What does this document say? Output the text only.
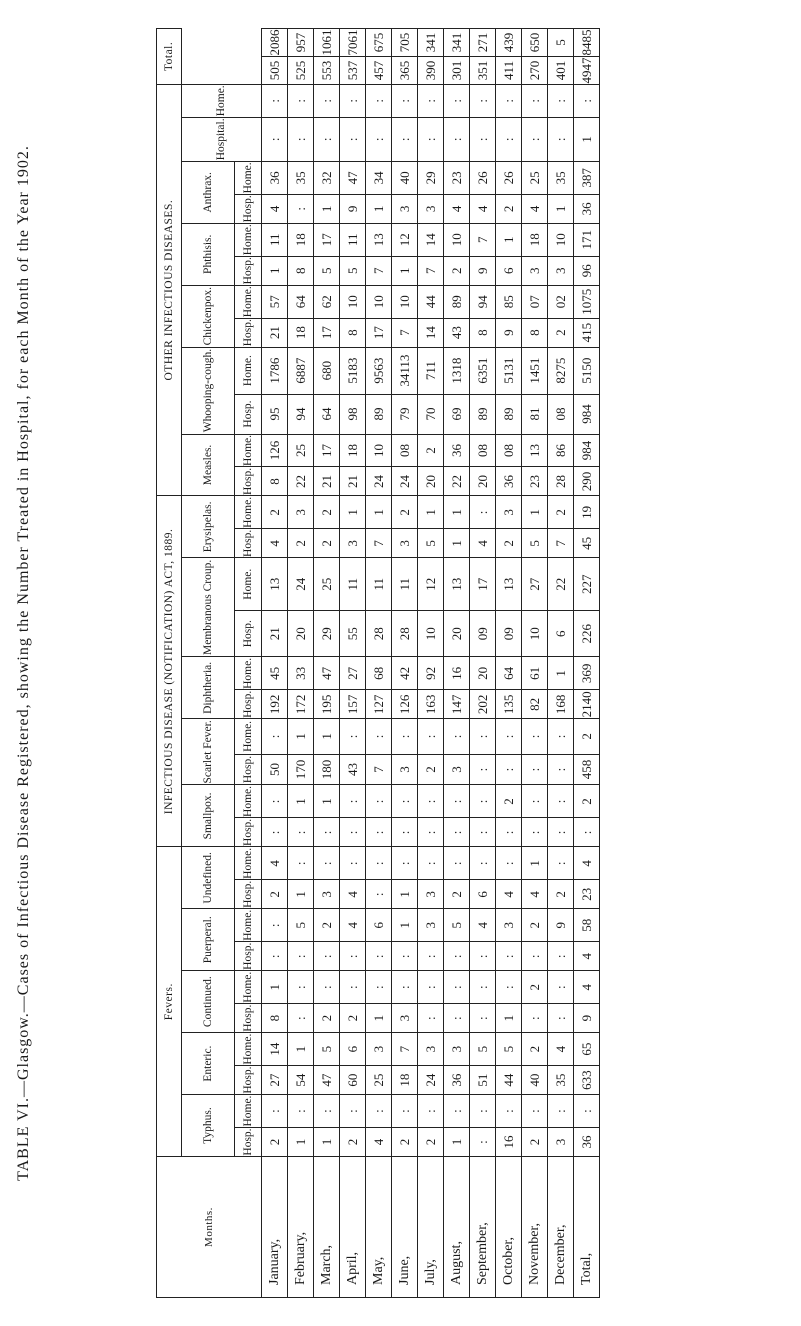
TABLE VI.—Glasgow.—Cases of Infectious Disease Registered, showing the Number Treated in Hospital, for each Month of the Year 1902.
Months.	Fevers.										INFECTIOUS DISEASE (NOTIFICATION) ACT, 1889.										OTHER INFECTIOUS DISEASES.												Total.	
	Typhus.		Enteric.		Continued.		Puerperal.		Undefined.		Smallpox.		Scarlet Fever.		Diphtheria.		Membranous Croup.		Erysipelas.		Measles.		Whooping-cough.		Chickenpox.		Phthisis.		Anthrax.		Hospital.	Home.		
	Hosp.	Home.	Hosp.	Home.	Hosp.	Home.	Hosp.	Home.	Hosp.	Home.	Hosp.	Home.	Hosp.	Home.	Hosp.	Home.	Hosp.	Home.	Hosp.	Home.	Hosp.	Home.	Hosp.	Home.	Hosp.	Home.	Hosp.	Home.	Hosp.	Home.				
January,	2	:	27	14	8	1	:	:	2	4	:	:	50	:	192	45	21	13	4	2	8	126	95	1786	21	57	1	11	4	36	:	:	505	2086
February,	1	:	54	1	:	:	:	5	1	:	:	1	170	1	172	33	20	24	2	3	22	25	94	6887	18	64	8	18	:	35	:	:	525	957
March,	1	:	47	5	2	:	:	2	3	:	:	1	180	1	195	47	29	25	2	2	21	17	64	680	17	62	5	17	1	32	:	:	553	1061
April,	2	:	60	6	2	:	:	4	4	:	:	:	43	:	157	27	55	11	3	1	21	18	98	5183	8	10	5	11	9	47	:	:	537	7061
May,	4	:	25	3	1	:	:	6	:	:	:	:	7	:	127	68	28	11	7	1	24	10	89	9563	17	10	7	13	1	34	:	:	457	675
June,	2	:	18	7	3	:	:	1	1	:	:	:	3	:	126	42	28	11	3	2	24	08	79	34113	7	10	1	12	3	40	:	:	365	705
July,	2	:	24	3	:	:	:	3	3	:	:	:	2	:	163	92	10	12	5	1	20	2	70	711	14	44	7	14	3	29	:	:	390	341
August,	1	:	36	3	:	:	:	5	2	:	:	:	3	:	147	16	20	13	1	1	22	36	69	1318	43	89	2	10	4	23	:	:	301	341
September,	:	:	51	5	:	:	:	4	6	:	:	:	:	:	202	20	09	17	4	:	20	08	89	6351	8	94	9	7	4	26	:	:	351	271
October,	16	:	44	5	1	:	:	3	4	:	:	2	:	:	135	64	09	13	2	3	36	08	89	5131	9	85	6	1	2	26	:	:	411	439
November,	2	:	40	2	:	2	:	2	4	1	:	:	:	:	82	61	10	27	5	1	23	13	81	1451	8	07	3	18	4	25	:	:	270	650
December,	3	:	35	4	:	:	:	9	2	:	:	:	:	:	168	1	6	22	7	2	28	86	08	8275	2	02	3	10	1	35	:	:	401	5
Total,	36	:	633	65	9	4	4	58	23	4	:	2	458	2	2140	369	226	227	45	19	290	984	984	5150	415	1075	96	171	36	387	1	:	4947	8485
